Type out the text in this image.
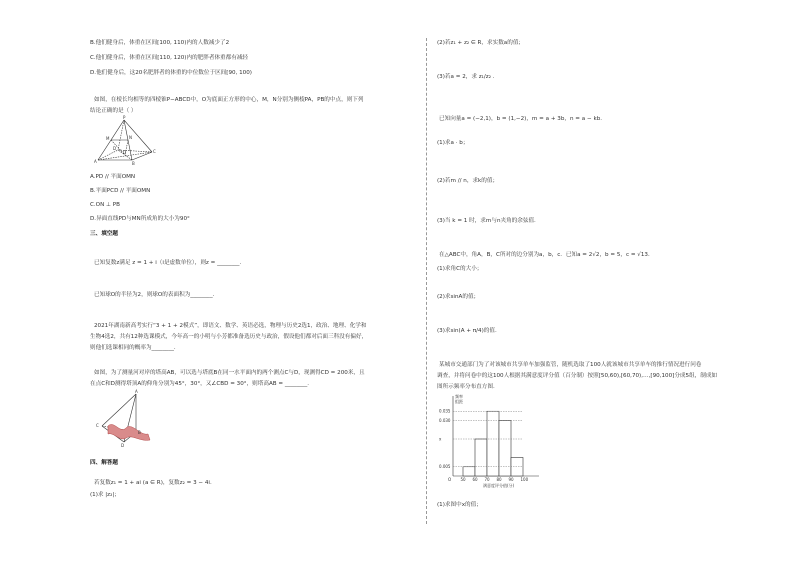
B.他们健身后，体重在区间[100, 110)内的人数减少了2
C.他们健身后，体重在区间[110, 120)内的肥胖者体重都有减轻
D.他们健身后，这20名肥胖者的体重的中位数位于区间[90, 100)
如图，在棱长均相等的四棱锥P−ABCD中，O为底面正方形的中心，M，N分别为侧棱PA，PB的中点，则下列
结论正确的是（ ）
P
M	N
D
O	C
A	B
A.PD // 平面OMN
B.平面PCD // 平面OMN
C.ON ⊥ PB
D.异面直线PD与MN所成角的大小为90°
三、填空题
已知复数z满足 z = 1 + i（i是虚数单位），则z = ________.
已知球O的半径为2，则球O的表面积为________.
2021年湖南新高考实行“3 + 1 + 2模式”，即语文、数学、英语必选，物理与历史2选1，政治、地理、化学和
生物4选2，共有12种选课模式，今年高一的小明与小芳都准备选历史与政治，假设他们都对后面三科没有偏好，
则他们选课相同的概率为________.
如图，为了测量河对岸的塔高AB，可以选与塔底B在同一水平面内的两个测点C与D，现测得CD = 200米，且
在点C和D测得塔顶A的仰角分别为45°，30°，又∠CBD = 30°，则塔高AB = ________.
A
C
D
B
四、解答题
若复数z₁ = 1 + ai (a ∈ R)，复数z₂ = 3 − 4i.
(1)求 |z₂|；
(2)若z₁ + z₂ ∈ R，求实数a的值；
(3)若a = 2，求 z₁/z₂ .
已知向量a = (−2,1)，b = (1,−2)，m = a + 3b，n = a − kb.
(1)求a · b；
(2)若m // n，求k的值；
(3)当 k = 1 时，求m与n夹角的余弦值.
在△ABC中，角A，B，C所对的边分别为a，b，c．已知a = 2√2，b = 5，c = √13．
(1)求角C的大小；
(2)求sinA的值；
(3)求sin(A + π/4)的值.
某城市交通部门为了对该城市共享单车加强监管，随机选取了100人就该城市共享单车的推行情况进行问卷
调查，并将问卷中的这100人根据其满意度评分值（百分制）按照[50,60),[60,70),…,[90,100]分成5组，制成如
图所示频率分布直方图.
0.005
x
0.030
0.035
50 60 70 80 90 100
O
频率
组距
满意度评分值(分)
(1)求图中x的值；
